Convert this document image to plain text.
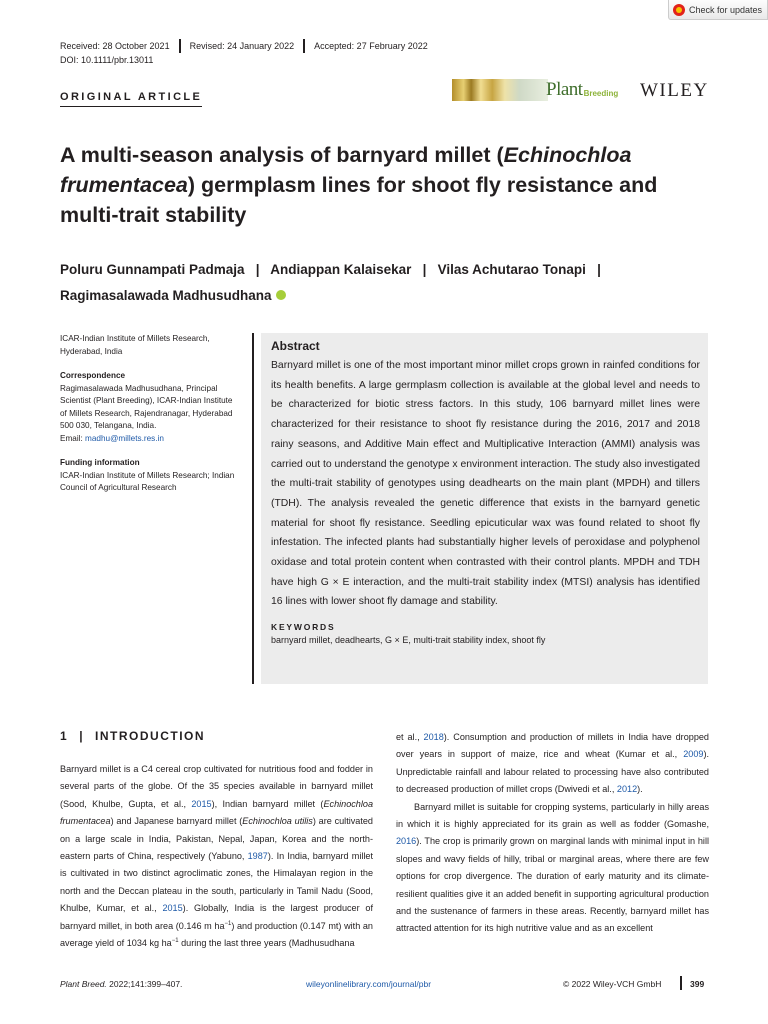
Check for updates
Received: 28 October 2021 Revised: 24 January 2022 Accepted: 27 February 2022
DOI: 10.1111/pbr.13011
ORIGINAL ARTICLE	Plant Breeding WILEY
A multi-season analysis of barnyard millet (Echinochloa frumentacea) germplasm lines for shoot fly resistance and multi-trait stability
Poluru Gunnampati Padmaja   |   Andiappan Kalaisekar   |   Vilas Achutarao Tonapi   |
Ragimasalawada Madhusudhana
ICAR-Indian Institute of Millets Research, Hyderabad, India
Correspondence
Ragimasalawada Madhusudhana, Principal Scientist (Plant Breeding), ICAR-Indian Institute of Millets Research, Rajendranagar, Hyderabad 500 030, Telangana, India.
Email: madhu@millets.res.in
Funding information
ICAR-Indian Institute of Millets Research; Indian Council of Agricultural Research
Abstract
Barnyard millet is one of the most important minor millet crops grown in rainfed conditions for its health benefits. A large germplasm collection is available at the global level and needs to be characterized for biotic stress factors. In this study, 106 barnyard millet lines were characterized for their resistance to shoot fly resistance during the 2016, 2017 and 2018 rainy seasons, and Additive Main effect and Multiplicative Interaction (AMMI) analysis was carried out to understand the genotype x environment interaction. The study also investigated the multi-trait stability of genotypes using deadhearts on the main plant (MPDH) and tillers (TDH). The analysis revealed the genetic difference that exists in the barnyard genetic material for shoot fly resistance. Seedling epicuticular wax was found related to shoot fly infestation. The infected plants had substantially higher levels of peroxidase and polyphenol oxidase and total protein content when contrasted with their control plants. MPDH and TDH have high G × E interaction, and the multi-trait stability index (MTSI) analysis has identified 16 lines with lower shoot fly damage and stability.
KEYWORDS
barnyard millet, deadhearts, G × E, multi-trait stability index, shoot fly
1 | INTRODUCTION
Barnyard millet is a C4 cereal crop cultivated for nutritious food and fodder in several parts of the globe. Of the 35 species available in barnyard millet (Sood, Khulbe, Gupta, et al., 2015), Indian barnyard millet (Echinochloa frumentacea) and Japanese barnyard millet (Echinochloa utilis) are cultivated on a large scale in India, Pakistan, Nepal, Japan, Korea and the north-eastern parts of China, respectively (Yabuno, 1987). In India, barnyard millet is cultivated in two distinct agroclimatic zones, the Himalayan region in the north and the Deccan plateau in the south, particularly in Tamil Nadu (Sood, Khulbe, Kumar, et al., 2015). Globally, India is the largest producer of barnyard millet, in both area (0.146 m $ha^{-1}$) and production (0.147 mt) with an average yield of 1034 kg $ha^{-1}$ during the last three years (Madhusudhana

et al., 2018). Consumption and production of millets in India have dropped over years in support of maize, rice and wheat (Kumar et al., 2009). Unpredictable rainfall and labour related to processing have also contributed to decreased production of millet crops (Dwivedi et al., 2012).

Barnyard millet is suitable for cropping systems, particularly in hilly areas in which it is highly appreciated for its grain as well as fodder (Gomashe, 2016). The crop is primarily grown on marginal lands with minimal input in hill slopes and wavy fields of hilly, tribal or marginal areas, where there are few options for crop divergence. The duration of early maturity and its climate-resilient qualities give it an added benefit in supporting agricultural production and the sustenance of farmers in these areas. Recently, barnyard millet has attracted attention for its high nutritive value and as an excellent

Plant Breed. 2022;141:399–407.	wileyonlinelibrary.com/journal/pbr	© 2022 Wiley-VCH GmbH	399
